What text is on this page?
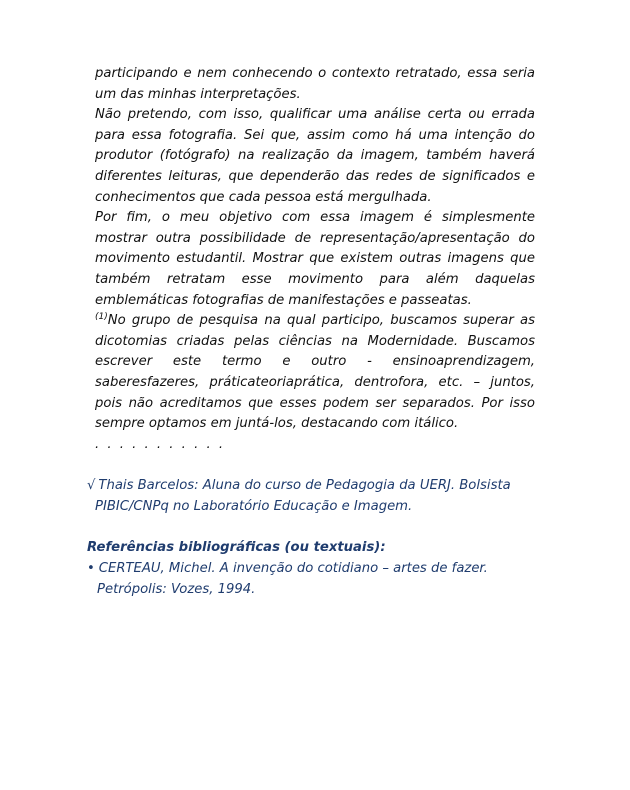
participando e nem conhecendo o contexto retratado, essa seria um das minhas interpretações.

Não pretendo, com isso, qualificar uma análise certa ou errada para essa fotografia. Sei que, assim como há uma intenção do produtor (fotógrafo) na realização da imagem, também haverá diferentes leituras, que dependerão das redes de significados e conhecimentos que cada pessoa está mergulhada.

Por fim, o meu objetivo com essa imagem é simplesmente mostrar outra possibilidade de representação/apresentação do movimento estudantil. Mostrar que existem outras imagens que também retratam esse movimento para além daquelas emblemáticas fotografias de manifestações e passeatas.

$^{(1)}$No grupo de pesquisa na qual participo, buscamos superar as dicotomias criadas pelas ciências na Modernidade. Buscamos escrever este termo e outro - ensinoaprendizagem, saberesfazeres, práticateoriaprática, dentrofora, etc. – juntos, pois não acreditamos que esses podem ser separados. Por isso sempre optamos em juntá-los, destacando com itálico.

. . . . . . . . . . .

√ Thais Barcelos: Aluna do curso de Pedagogia da UERJ. Bolsista
PIBIC/CNPq no Laboratório Educação e Imagem.
Referências bibliográficas (ou textuais):
• CERTEAU, Michel. A invenção do cotidiano – artes de fazer.
Petrópolis: Vozes, 1994.
